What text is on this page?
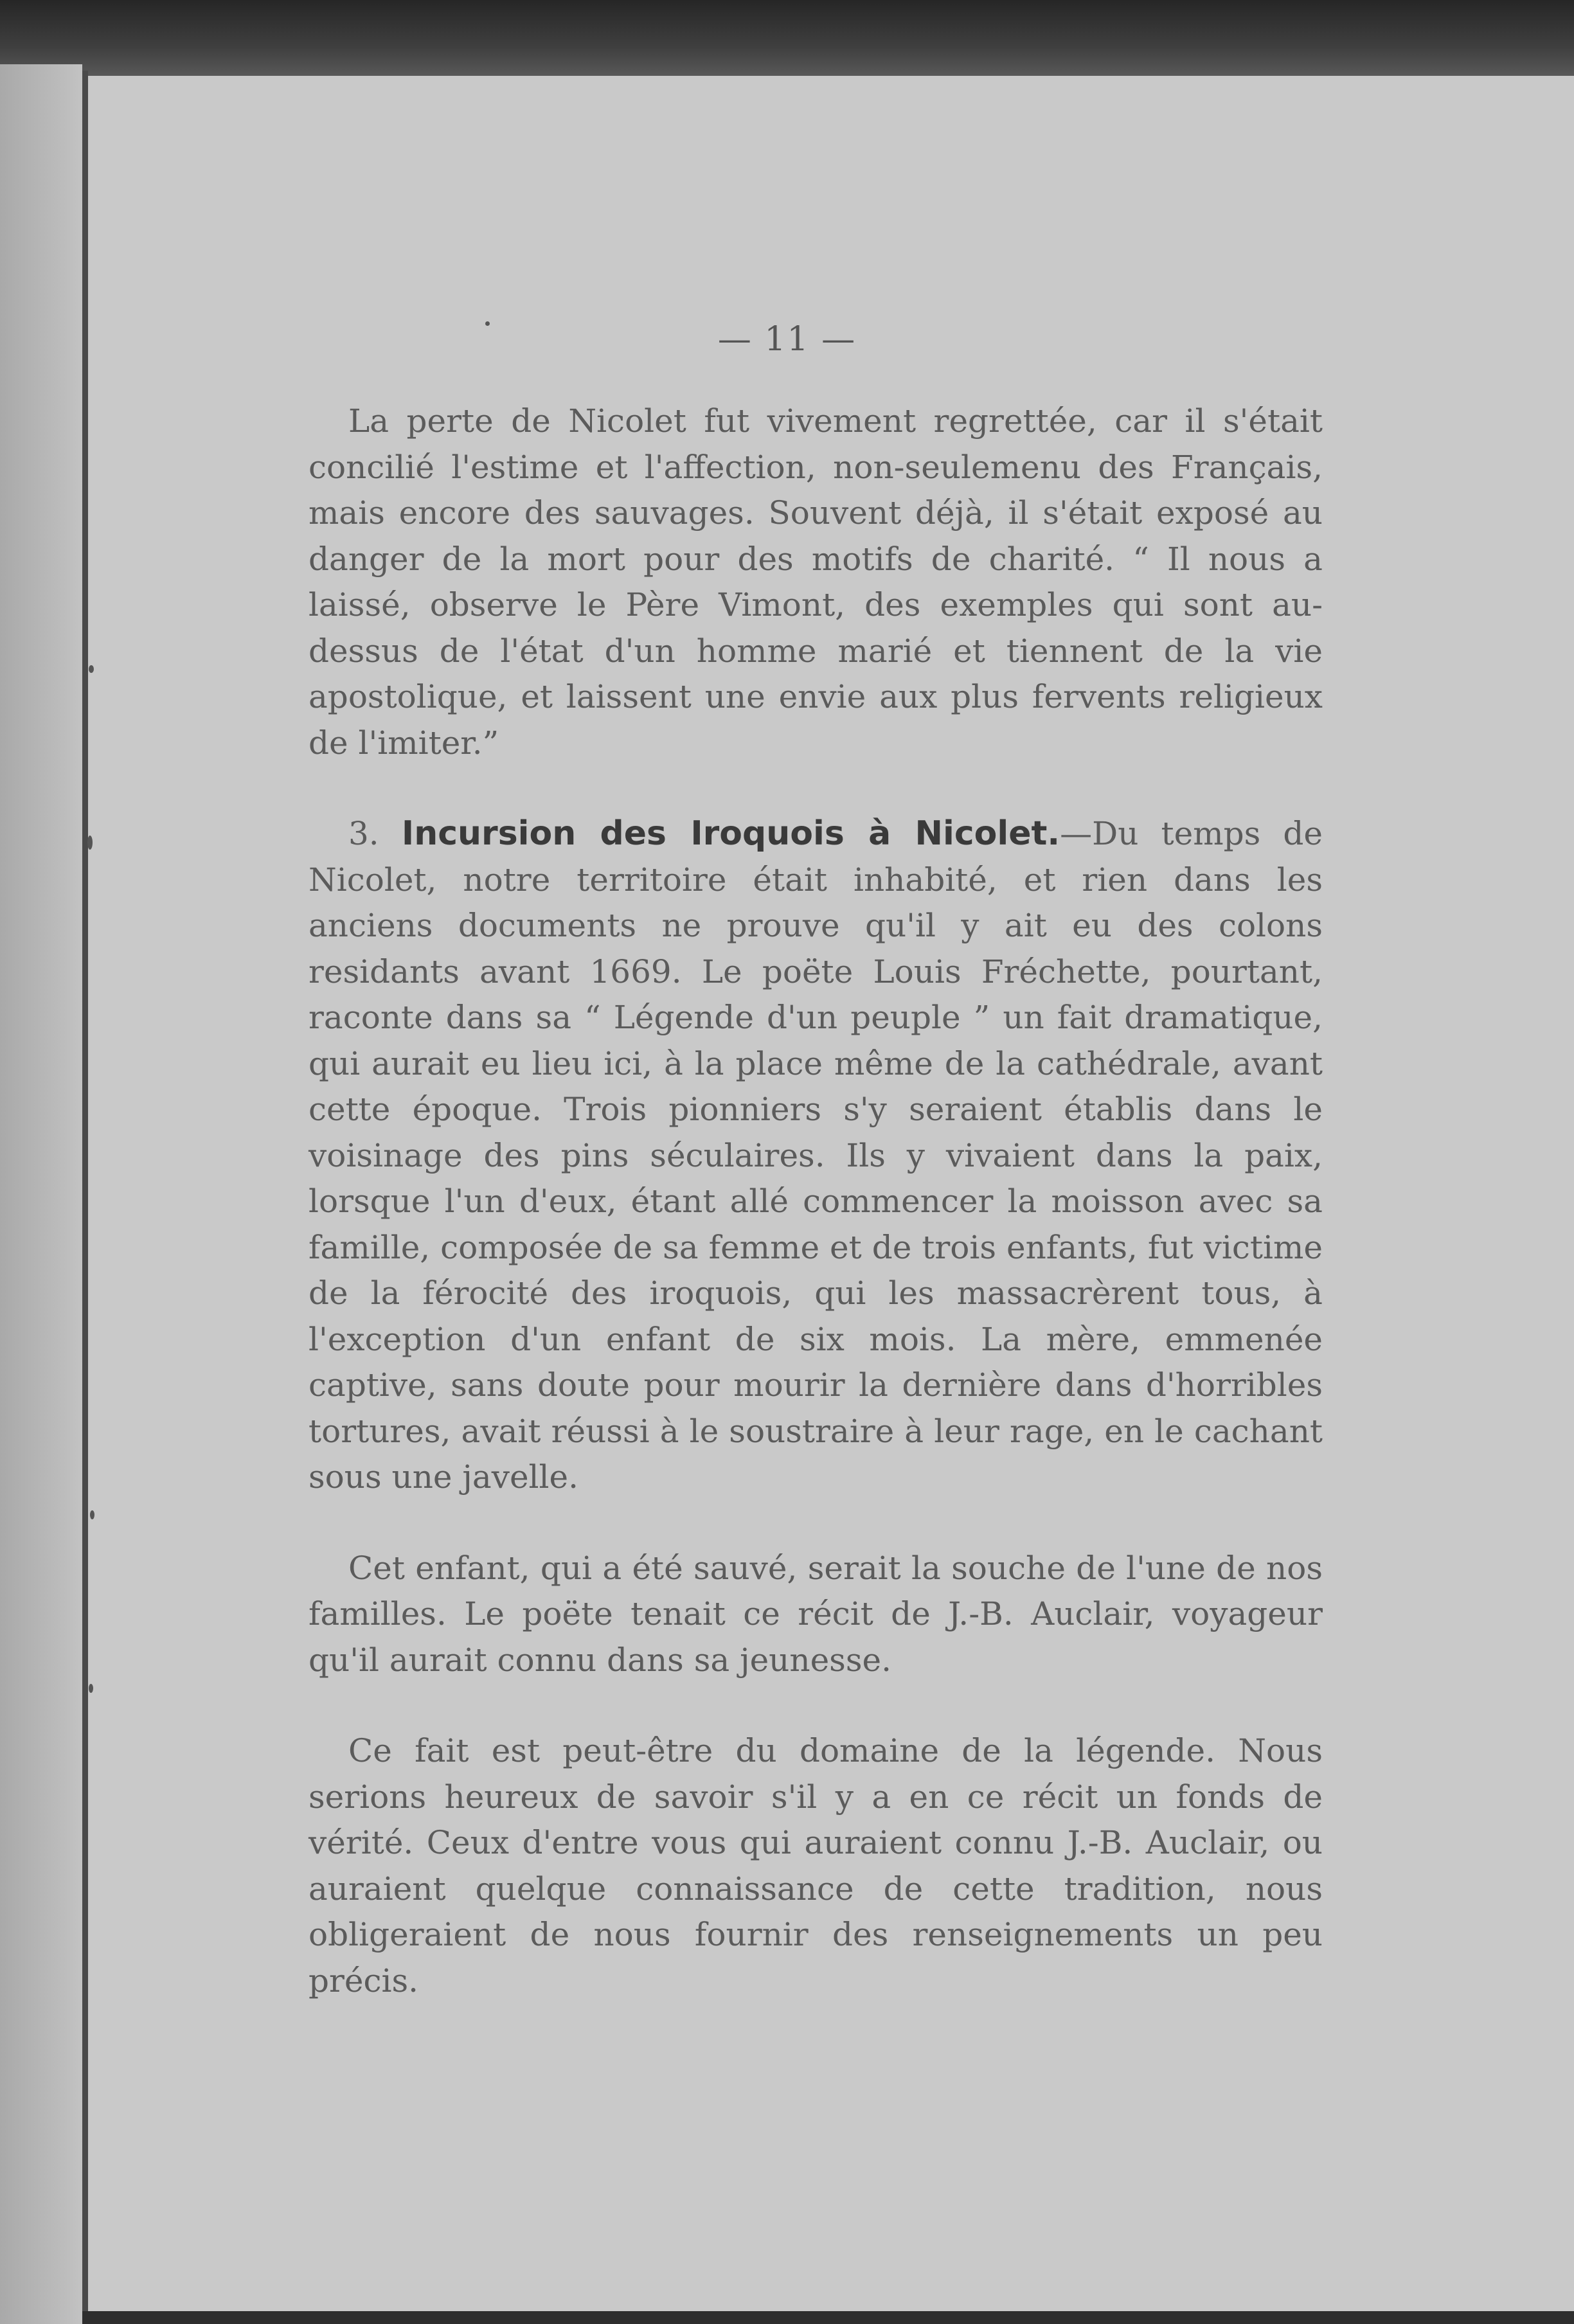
— 11 —

La perte de Nicolet fut vivement regrettée, car il s'était concilié l'estime et l'affection, non-seulemenu des Français, mais encore des sauvages. Souvent déjà, il s'était exposé au danger de la mort pour des motifs de charité. “ Il nous a laissé, observe le Père Vimont, des exemples qui sont au-dessus de l'état d'un homme marié et tiennent de la vie apostolique, et laissent une envie aux plus fervents religieux de l'imiter.”

3. Incursion des Iroquois à Nicolet.—Du temps de Nicolet, notre territoire était inhabité, et rien dans les anciens documents ne prouve qu'il y ait eu des colons residants avant 1669. Le poëte Louis Fréchette, pourtant, raconte dans sa “ Légende d'un peuple ” un fait dramatique, qui aurait eu lieu ici, à la place même de la cathédrale, avant cette époque. Trois pionniers s'y seraient établis dans le voisinage des pins séculaires. Ils y vivaient dans la paix, lorsque l'un d'eux, étant allé commencer la moisson avec sa famille, composée de sa femme et de trois enfants, fut victime de la férocité des iroquois, qui les massacrèrent tous, à l'exception d'un enfant de six mois. La mère, emmenée captive, sans doute pour mourir la dernière dans d'horribles tortures, avait réussi à le soustraire à leur rage, en le cachant sous une javelle.

Cet enfant, qui a été sauvé, serait la souche de l'une de nos familles. Le poëte tenait ce récit de J.-B. Auclair, voyageur qu'il aurait connu dans sa jeunesse.

Ce fait est peut-être du domaine de la légende. Nous serions heureux de savoir s'il y a en ce récit un fonds de vérité. Ceux d'entre vous qui auraient connu J.-B. Auclair, ou auraient quelque connaissance de cette tradition, nous obligeraient de nous fournir des renseignements un peu précis.
